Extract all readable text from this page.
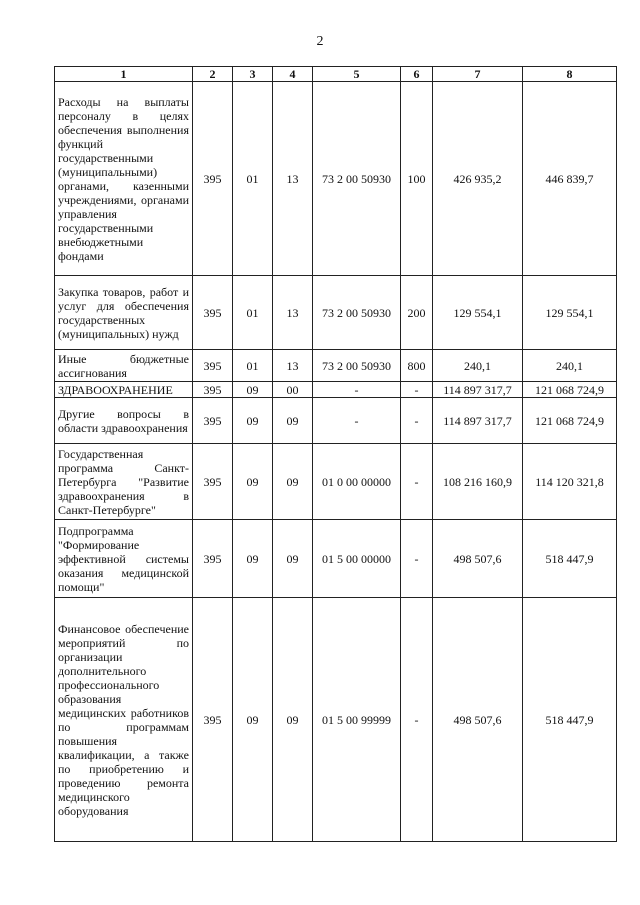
2
1	2	3	4	5	6	7	8
Расходы на выплаты персоналу в целях обеспечения выполнения функций государственными (муниципальными) органами, казенными учреждениями, органами управления государственными внебюджетными фондами	395	01	13	73 2 00 50930	100	426 935,2	446 839,7
Закупка товаров, работ и услуг для обеспечения государственных (муниципальных) нужд	395	01	13	73 2 00 50930	200	129 554,1	129 554,1
Иные бюджетные ассигнования	395	01	13	73 2 00 50930	800	240,1	240,1
ЗДРАВООХРАНЕНИЕ	395	09	00	-	-	114 897 317,7	121 068 724,9
Другие вопросы в области здравоохранения	395	09	09	-	-	114 897 317,7	121 068 724,9
Государственная программа Санкт-Петербурга "Развитие здравоохранения в Санкт-Петербурге"	395	09	09	01 0 00 00000	-	108 216 160,9	114 120 321,8
Подпрограмма "Формирование эффективной системы оказания медицинской помощи"	395	09	09	01 5 00 00000	-	498 507,6	518 447,9
Финансовое обеспечение мероприятий по организации дополнительного профессионального образования медицинских работников по программам повышения квалификации, а также по приобретению и проведению ремонта медицинского оборудования	395	09	09	01 5 00 99999	-	498 507,6	518 447,9
